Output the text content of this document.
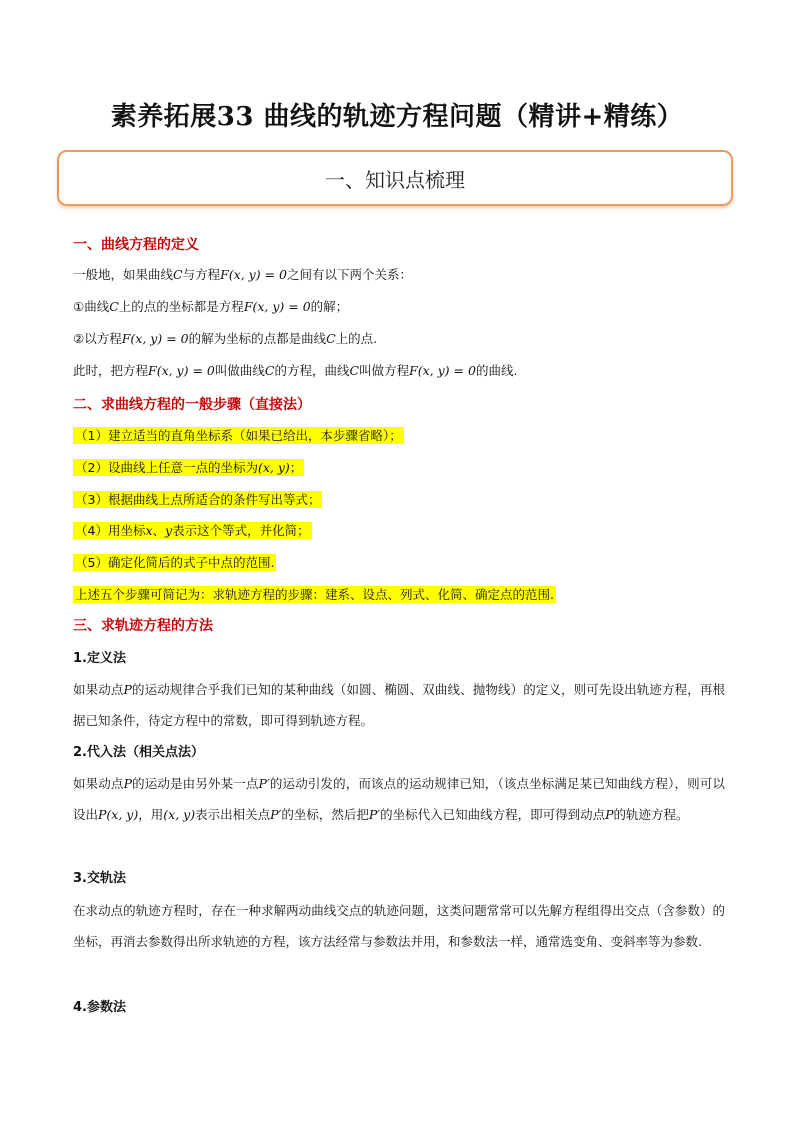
素养拓展33 曲线的轨迹方程问题（精讲+精练）
一、知识点梳理
一、曲线方程的定义
一般地，如果曲线C与方程F(x, y) = 0之间有以下两个关系：
①曲线C上的点的坐标都是方程F(x, y) = 0的解；
②以方程F(x, y) = 0的解为坐标的点都是曲线C上的点.
此时，把方程F(x, y) = 0叫做曲线C的方程，曲线C叫做方程F(x, y) = 0的曲线.
二、求曲线方程的一般步骤（直接法）
（1）建立适当的直角坐标系（如果已给出，本步骤省略）；
（2）设曲线上任意一点的坐标为(x, y)；
（3）根据曲线上点所适合的条件写出等式；
（4）用坐标x、y表示这个等式，并化简；
（5）确定化简后的式子中点的范围.
上述五个步骤可简记为：求轨迹方程的步骤：建系、设点、列式、化简、确定点的范围.
三、求轨迹方程的方法
1.定义法
如果动点P的运动规律合乎我们已知的某种曲线（如圆、椭圆、双曲线、抛物线）的定义，则可先设出轨迹方程，再根据已知条件，待定方程中的常数，即可得到轨迹方程。
2.代入法（相关点法）
如果动点P的运动是由另外某一点P′的运动引发的，而该点的运动规律已知，（该点坐标满足某已知曲线方程），则可以设出P(x, y)，用(x, y)表示出相关点P′的坐标，然后把P′的坐标代入已知曲线方程，即可得到动点P的轨迹方程。
3.交轨法
在求动点的轨迹方程时，存在一种求解两动曲线交点的轨迹问题，这类问题常常可以先解方程组得出交点（含参数）的坐标，再消去参数得出所求轨迹的方程，该方法经常与参数法并用，和参数法一样，通常选变角、变斜率等为参数.
4.参数法
